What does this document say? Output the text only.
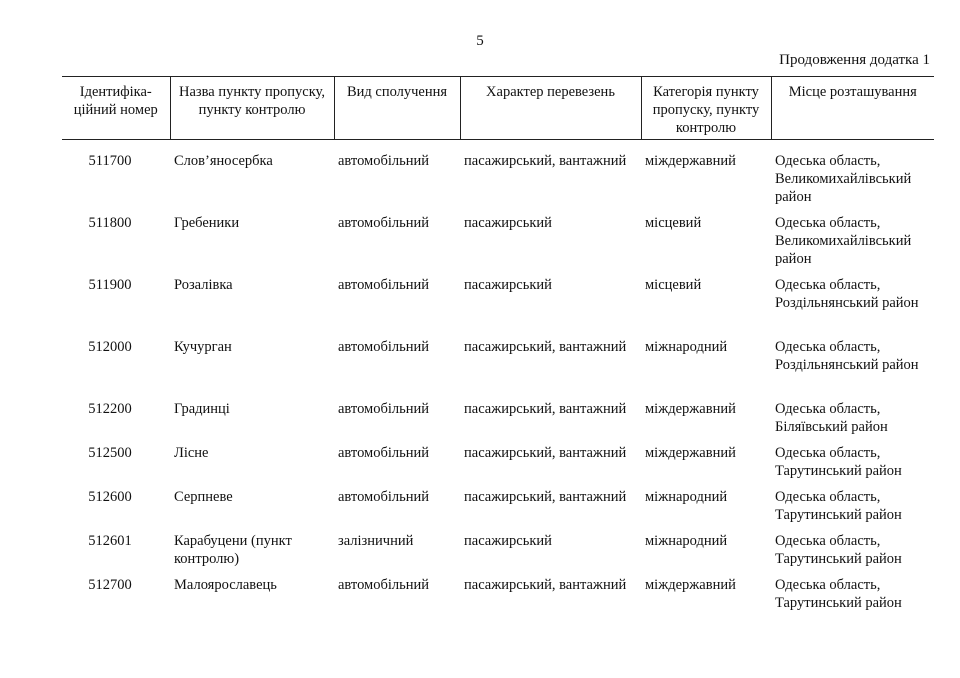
5
Продовження додатка 1
Ідентифіка-ційний номер	Назва пункту пропуску, пункту контролю	Вид сполучення	Характер перевезень	Категорія пункту пропуску, пункту контролю	Місце розташування
511700	Слов’яносербка	автомобільний	пасажирський, вантажний	міждержавний	Одеська область, Великомихайлівський район
511800	Гребеники	автомобільний	пасажирський	місцевий	Одеська область, Великомихайлівський район
511900	Розалівка	автомобільний	пасажирський	місцевий	Одеська область, Роздільнянський район
512000	Кучурган	автомобільний	пасажирський, вантажний	міжнародний	Одеська область, Роздільнянський район
512200	Градинці	автомобільний	пасажирський, вантажний	міждержавний	Одеська область, Біляївський район
512500	Лісне	автомобільний	пасажирський, вантажний	міждержавний	Одеська область, Тарутинський район
512600	Серпневе	автомобільний	пасажирський, вантажний	міжнародний	Одеська область, Тарутинський район
512601	Карабуцени (пункт контролю)	залізничний	пасажирський	міжнародний	Одеська область, Тарутинський район
512700	Малоярославець	автомобільний	пасажирський, вантажний	міждержавний	Одеська область, Тарутинський район
